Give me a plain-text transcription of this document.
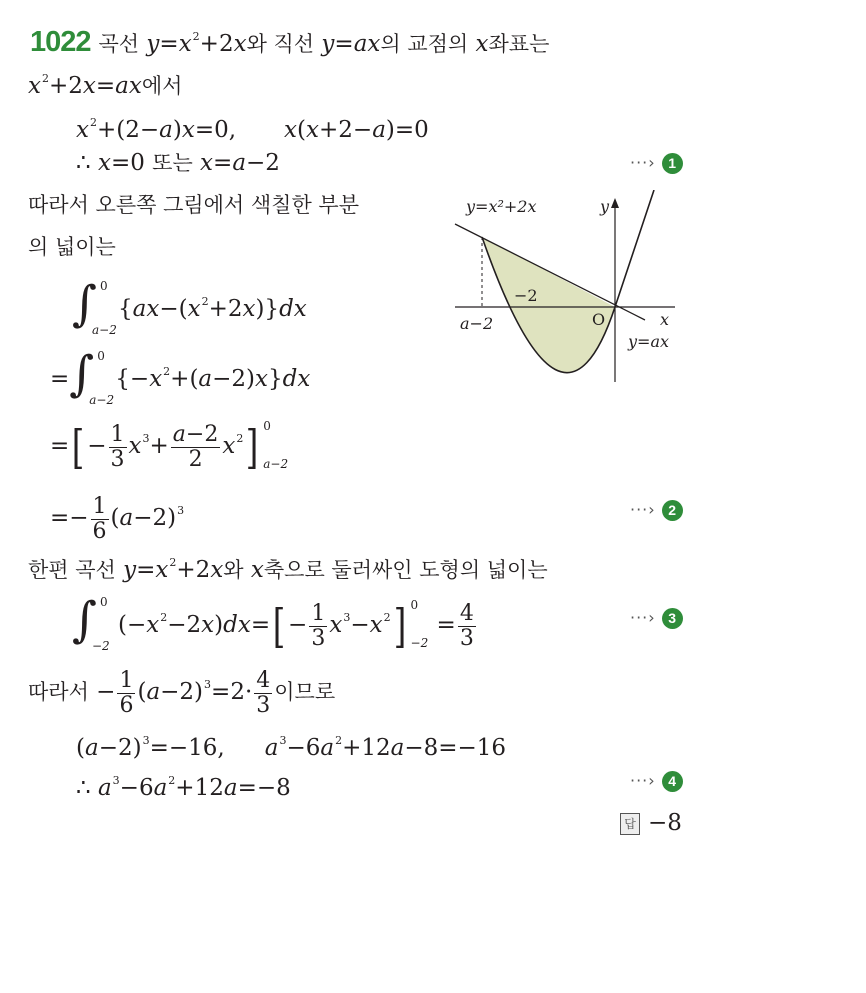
1022 곡선 $y=x^2+2x$와 직선 y=ax의 교점의 x좌표는
$x^2+2x=ax$에서
$x^2+(2-a)x=0$, x(x+2−a)=0
∴ x=0 또는 x=a−2	···› 1
따라서 오른쪽 그림에서 색칠한 부분
의 넓이는
∫ 0
a−2
$\{ax-(x^2+2x)\}dx$
= ∫ 0
a−2
$\{-x^2+(a-2)x\}dx$
=[ − $\frac{1}{3} x^3+ \frac{a-2}{2} x^2$] 0
a−2
=− $\frac{1}{6} (a-2)^3$	···› 2
한편 곡선 $y=x^2+2x$와 x축으로 둘러싸인 도형의 넓이는
∫ 0
−2
$(-x^2-2x)dx=[ - \frac{1}{3} x^3-x^2]$ 0
−2
= $\frac{4}{3}$	···› 3
따라서 − $\frac{1}{6} (a-2)^3=2\cdot \frac{4}{3}$ 이므로
$(a-2)^3=-16$, $a^3-6a^2+12a-8=-16$
∴ $a^3-6a^2+12a=-8$	···› 4
답 −8
y=x²+2x	y
−2
a−2	O	x
y=ax
